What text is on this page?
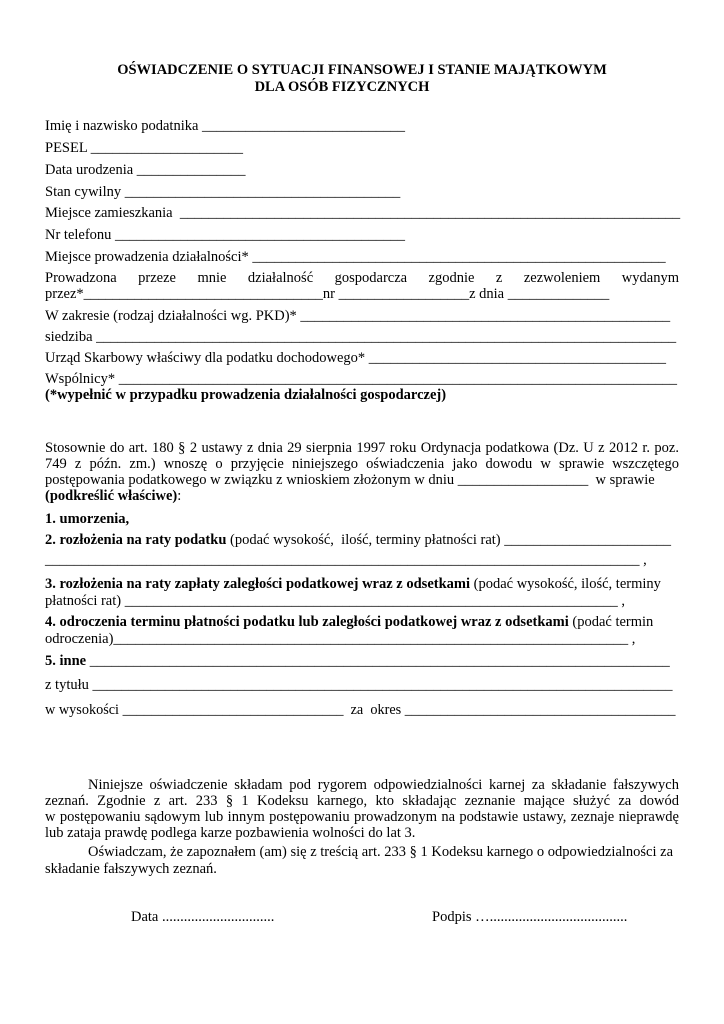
OŚWIADCZENIE O SYTUACJI FINANSOWEJ I STANIE MAJĄTKOWYM
DLA OSÓB FIZYCZNYCH
Imię i nazwisko podatnika ____________________________
PESEL _____________________
Data urodzenia _______________
Stan cywilny ______________________________________
Miejsce zamieszkania  _____________________________________________________________________
Nr telefonu ________________________________________
Miejsce prowadzenia działalności* _________________________________________________________
Prowadzona przeze mnie działalność gospodarcza zgodnie z zezwoleniem wydanym
przez*_________________________________nr __________________z dnia ______________
W zakresie (rodzaj działalności wg. PKD)* ___________________________________________________
siedziba ________________________________________________________________________________
Urząd Skarbowy właściwy dla podatku dochodowego* _________________________________________
Wspólnicy* _____________________________________________________________________________
(*wypełnić w przypadku prowadzenia działalności gospodarczej)
Stosownie do art. 180 § 2 ustawy z dnia 29 sierpnia 1997 roku Ordynacja podatkowa (Dz. U z 2012 r. poz.
749 z późn. zm.) wnoszę o przyjęcie niniejszego oświadczenia jako dowodu w sprawie wszczętego
postępowania podatkowego w związku z wnioskiem złożonym w dniu __________________  w sprawie
(podkreślić właściwe):
1. umorzenia,
2. rozłożenia na raty podatku (podać wysokość,  ilość, terminy płatności rat) _______________________
__________________________________________________________________________________ ,
3. rozłożenia na raty zapłaty zaległości podatkowej wraz z odsetkami (podać wysokość, ilość, terminy
płatności rat) ____________________________________________________________________ ,
4. odroczenia terminu płatności podatku lub zaległości podatkowej wraz z odsetkami (podać termin
odroczenia)_______________________________________________________________________ ,
5. inne ________________________________________________________________________________
z tytułu ________________________________________________________________________________
w wysokości _______________________________  za  okres ______________________________________
Niniejsze oświadczenie składam pod rygorem odpowiedzialności karnej za składanie fałszywych
zeznań. Zgodnie z art. 233 § 1 Kodeksu karnego, kto składając zeznanie mające służyć za dowód
w postępowaniu sądowym lub innym postępowaniu prowadzonym na podstawie ustawy, zeznaje nieprawdę
lub zataja prawdę podlega karze pozbawienia wolności do lat 3.
Oświadczam, że zapoznałem (am) się z treścią art. 233 § 1 Kodeksu karnego o odpowiedzialności za
składanie fałszywych zeznań.
Data ...............................	Podpis …......................................
